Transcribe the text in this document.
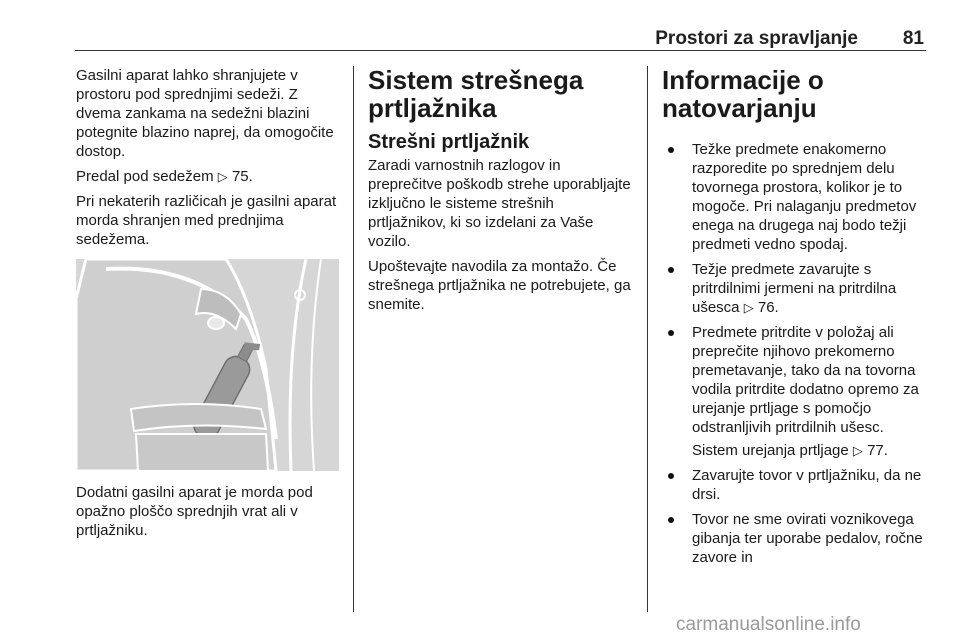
Prostori za spravljanje 81

Gasilni aparat lahko shranjujete v prostoru pod sprednjimi sedeži. Z dvema zankama na sedežni blazini potegnite blazino naprej, da omogočite dostop.

Predal pod sedežem ▷ 75.

Pri nekaterih različicah je gasilni aparat morda shranjen med prednjima sedežema.

Dodatni gasilni aparat je morda pod opažno ploščo sprednjih vrat ali v prtljažniku.

Sistem strešnega prtljažnika
Strešni prtljažnik

Zaradi varnostnih razlogov in preprečitve poškodb strehe uporabljajte izključno le sisteme strešnih prtljažnikov, ki so izdelani za Vaše vozilo.

Upoštevajte navodila za montažo. Če strešnega prtljažnika ne potrebujete, ga snemite.

Informacije o natovarjanju

Težke predmete enakomerno razporedite po sprednjem delu tovornega prostora, kolikor je to mogoče. Pri nalaganju predmetov enega na drugega naj bodo težji predmeti vedno spodaj.

Težje predmete zavarujte s pritrdilnimi jermeni na pritrdilna ušesca ▷ 76.

Predmete pritrdite v položaj ali preprečite njihovo prekomerno premetavanje, tako da na tovorna vodila pritrdite dodatno opremo za urejanje prtljage s pomočjo odstranljivih pritrdilnih ušesc.

Sistem urejanja prtljage ▷ 77.

Zavarujte tovor v prtljažniku, da ne drsi.

Tovor ne sme ovirati voznikovega gibanja ter uporabe pedalov, ročne zavore in

carmanualsonline.info
